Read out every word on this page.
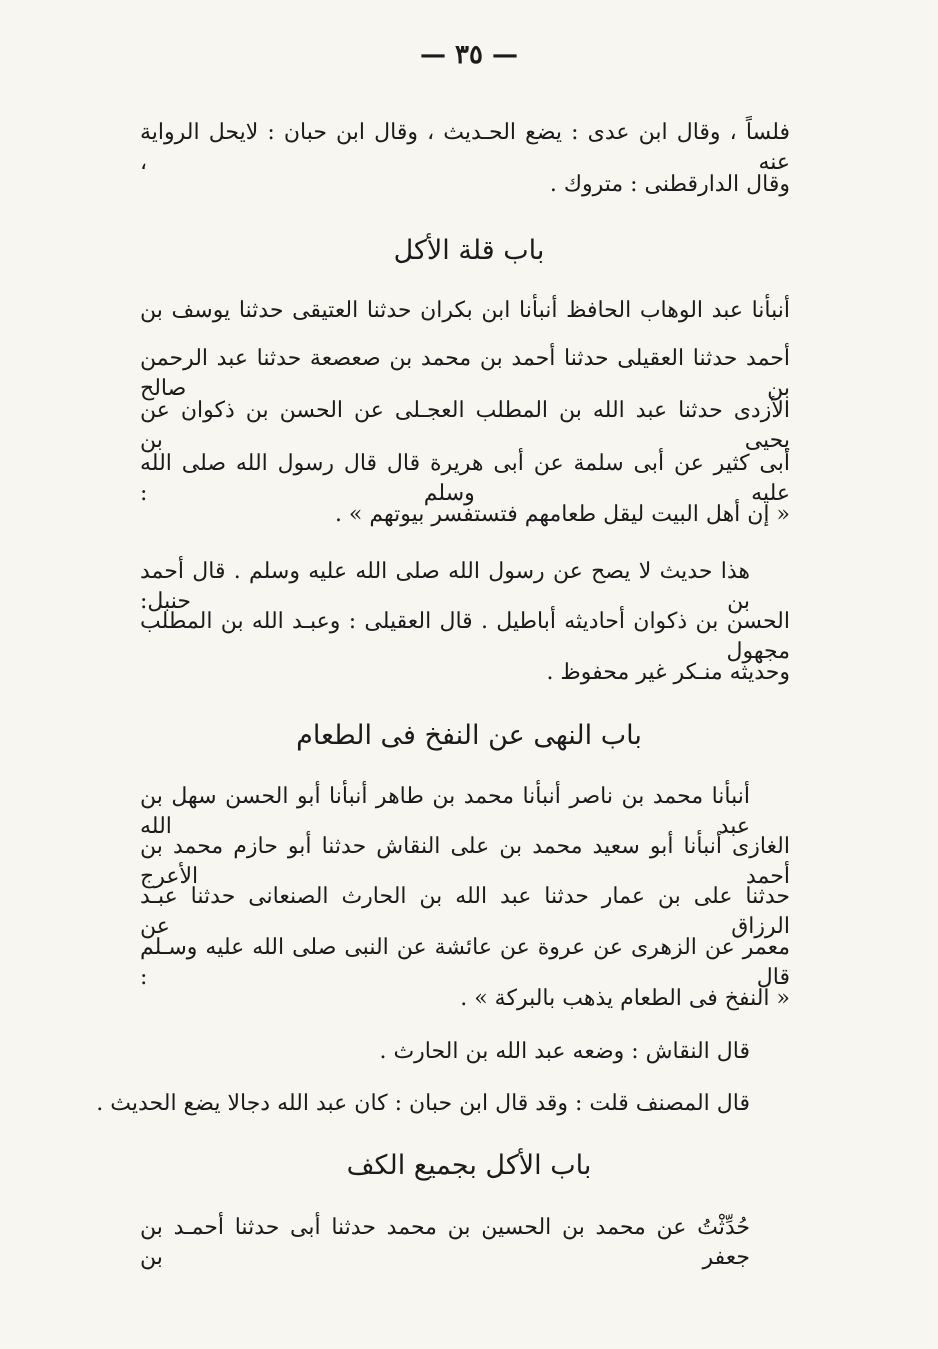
— ٣٥ —
فلساً ، وقال ابن عدى : يضع الحـديث ، وقال ابن حبان : لايحل الرواية عنه ،
وقال الدارقطنى : متروك .
باب قلة الأكل
أنبأنا عبد الوهاب الحافظ أنبأنا ابن بكران حدثنا العتيقى حدثنا يوسف بن
أحمد حدثنا العقيلى حدثنا أحمد بن محمد بن صعصعة حدثنا عبد الرحمن بن صالح
الأزدى حدثنا عبد الله بن المطلب العجـلى عن الحسن بن ذكوان عن يحيى بن
أبى كثير عن أبى سلمة عن أبى هريرة قال قال رسول الله صلى الله عليه وسلم :
« إن أهل البيت ليقل طعامهم فتستفسر بيوتهم » .
هذا حديث لا يصح عن رسول الله صلى الله عليه وسلم . قال أحمد بن حنبل:
الحسن بن ذكوان أحاديثه أباطيل . قال العقيلى : وعبـد الله بن المطلب مجهول
وحديثه منـكر غير محفوظ .
باب النهى عن النفخ فى الطعام
أنبأنا محمد بن ناصر أنبأنا محمد بن طاهر أنبأنا أبو الحسن سهل بن عبد الله
الغازى أنبأنا أبو سعيد محمد بن على النقاش حدثنا أبو حازم محمد بن أحمد الأعرج
حدثنا على بن عمار حدثنا عبد الله بن الحارث الصنعانى حدثنا عبـد الرزاق عن
معمر عن الزهرى عن عروة عن عائشة عن النبى صلى الله عليه وسـلم قال :
« النفخ فى الطعام يذهب بالبركة » .
قال النقاش : وضعه عبد الله بن الحارث .
قال المصنف قلت : وقد قال ابن حبان : كان عبد الله دجالا يضع الحديث .
باب الأكل بجميع الكف
حُدِّثْتُ عن محمد بن الحسين بن محمد حدثنا أبى حدثنا أحمـد بن جعفر بن
